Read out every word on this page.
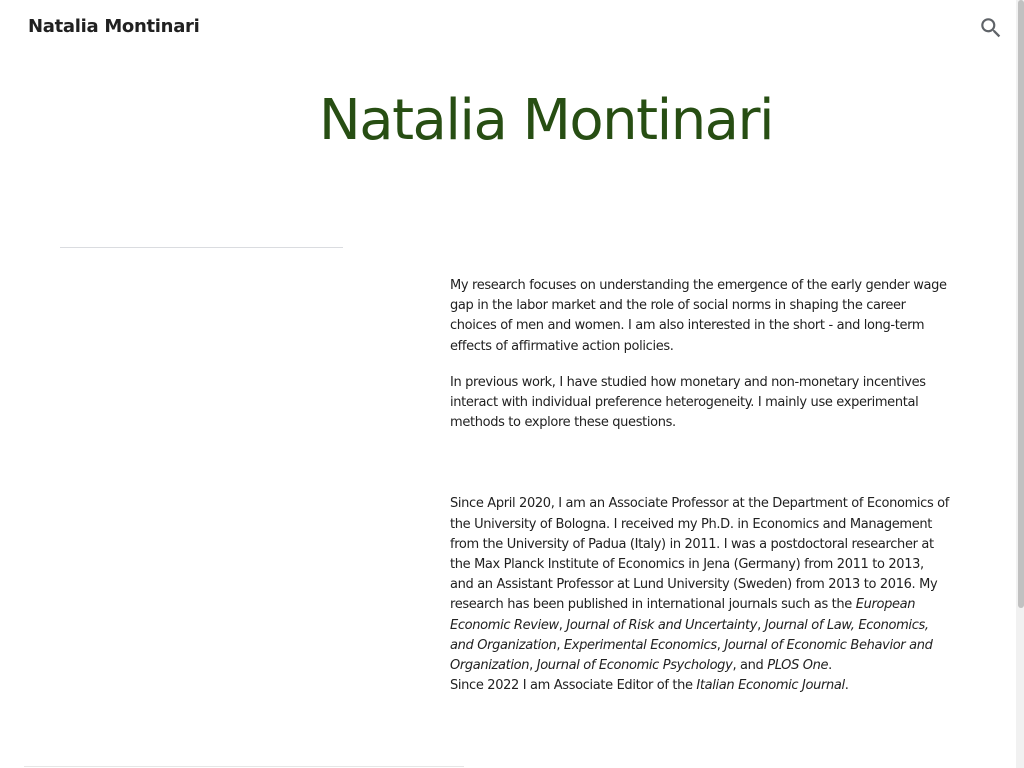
Natalia Montinari
Natalia Montinari

My research focuses on understanding the emergence of the early gender wage gap in the labor market and the role of social norms in shaping the career choices of men and women. I am also interested in the short - and long-term effects of affirmative action policies.

In previous work, I have studied how monetary and non-monetary incentives interact with individual preference heterogeneity. I mainly use experimental methods to explore these questions.

Since April 2020, I am an Associate Professor at the Department of Economics of the University of Bologna. I received my Ph.D. in Economics and Management from the University of Padua (Italy) in 2011. I was a postdoctoral researcher at the Max Planck Institute of Economics in Jena (Germany) from 2011 to 2013, and an Assistant Professor at Lund University (Sweden) from 2013 to 2016. My research has been published in international journals such as the European Economic Review, Journal of Risk and Uncertainty, Journal of Law, Economics, and Organization, Experimental Economics, Journal of Economic Behavior and Organization, Journal of Economic Psychology, and PLOS One.
Since 2022 I am Associate Editor of the Italian Economic Journal.
